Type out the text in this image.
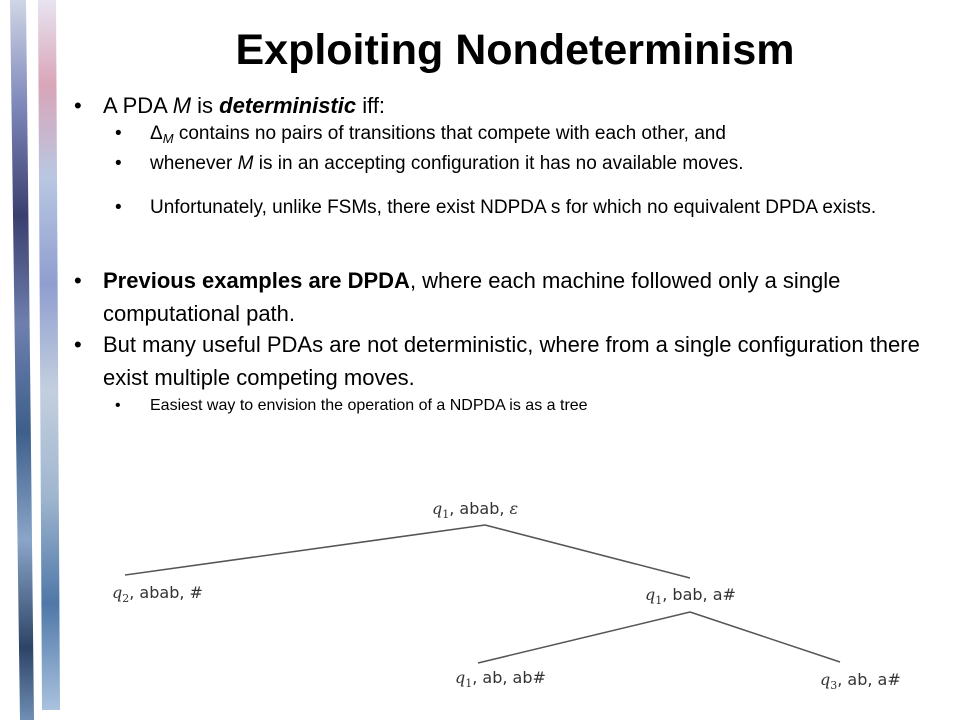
Exploiting Nondeterminism
• A PDA M is deterministic iff:
• $\Delta_M$ contains no pairs of transitions that compete with each other, and
• whenever M is in an accepting configuration it has no available moves.
• Unfortunately, unlike FSMs, there exist NDPDA s for which no equivalent DPDA exists.
• Previous examples are DPDA, where each machine followed only a single computational path.
• But many useful PDAs are not deterministic, where from a single configuration there exist multiple competing moves.
• Easiest way to envision the operation of a NDPDA is as a tree
$q_1$, abab, ε
$q_2$, abab, #	$q_1$, bab, a#
$q_1$, ab, ab#	$q_3$, ab, a#
